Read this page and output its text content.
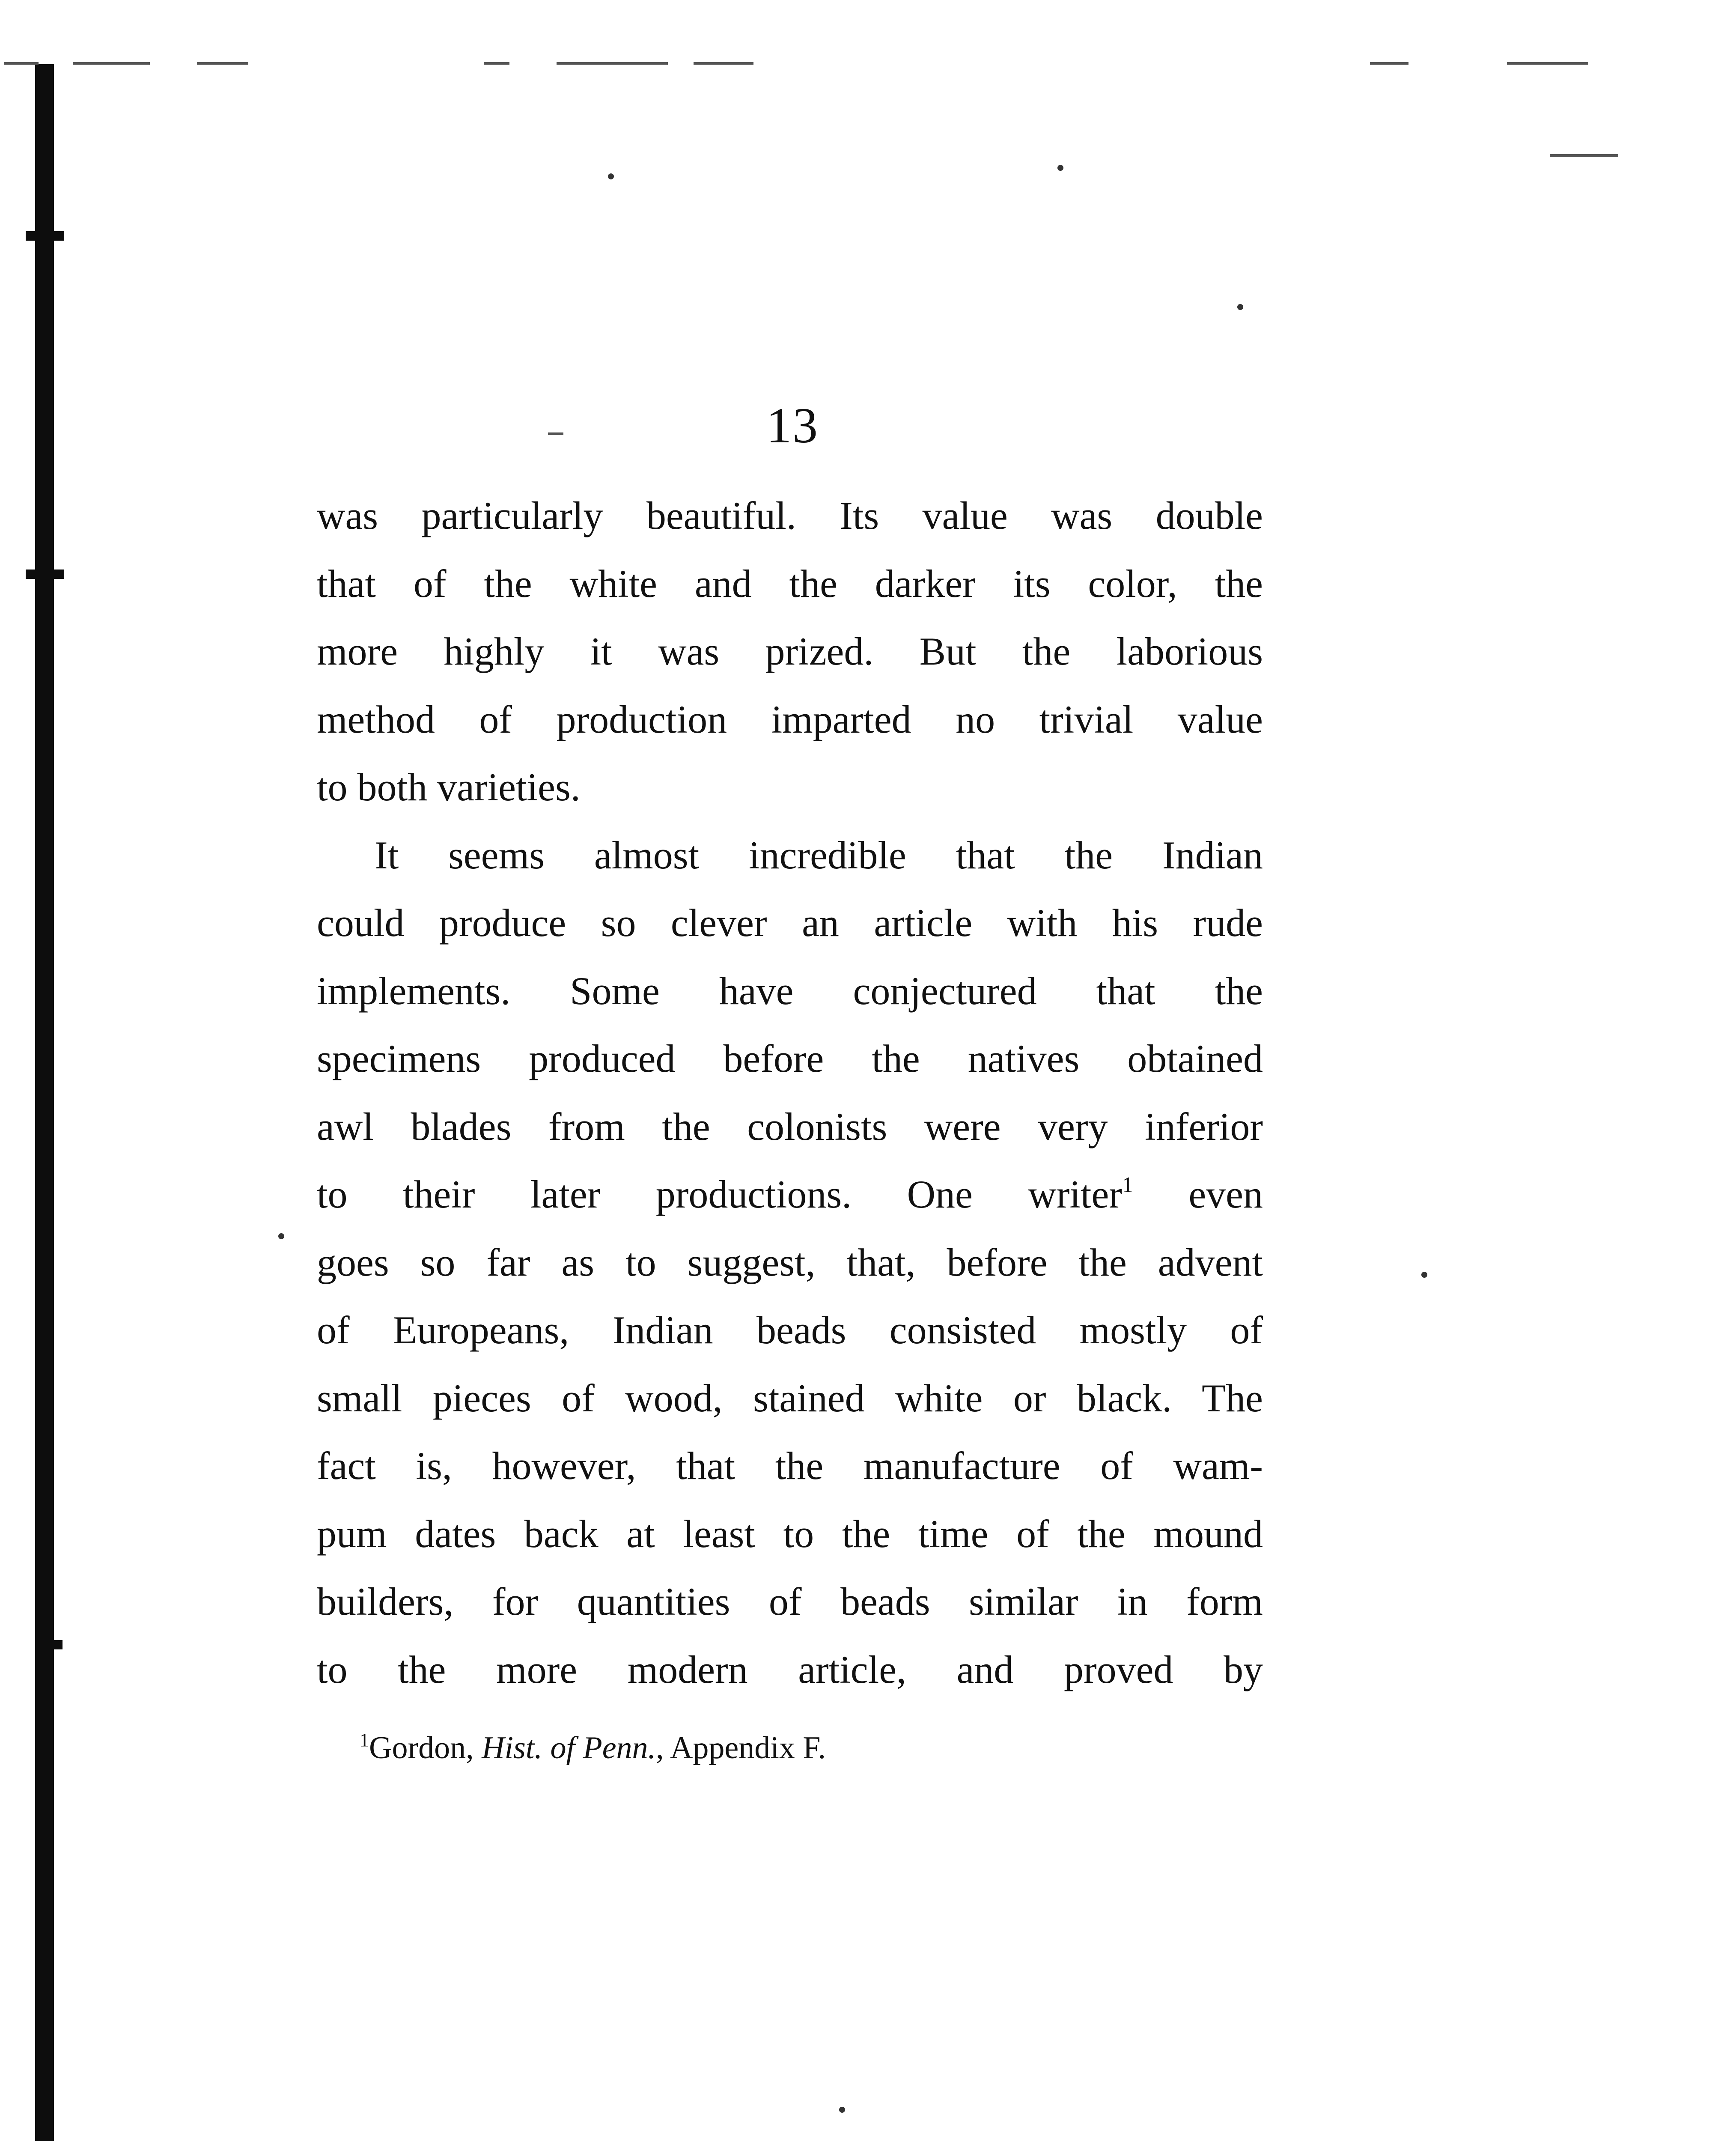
13
was particularly beautiful. Its value was double
that of the white and the darker its color, the
more highly it was prized. But the laborious
method of production imparted no trivial value
to both varieties.
It seems almost incredible that the Indian
could produce so clever an article with his rude
implements. Some have conjectured that the
specimens produced before the natives obtained
awl blades from the colonists were very inferior
to their later productions. One writer$^1$ even
goes so far as to suggest, that, before the advent
of Europeans, Indian beads consisted mostly of
small pieces of wood, stained white or black. The
fact is, however, that the manufacture of wam-
pum dates back at least to the time of the mound
builders, for quantities of beads similar in form
to the more modern article, and proved by
$^1$Gordon, Hist. of Penn., Appendix F.
